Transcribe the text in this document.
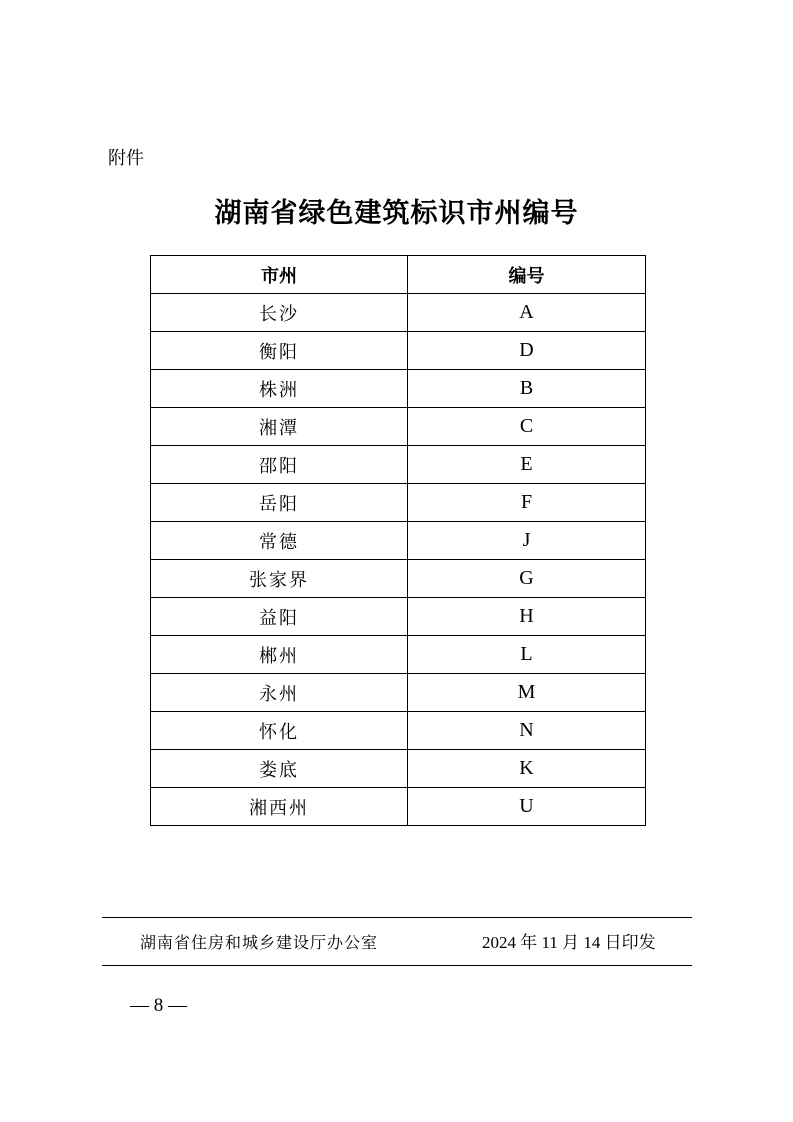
附件
湖南省绿色建筑标识市州编号
市州	编号
长沙	A
衡阳	D
株洲	B
湘潭	C
邵阳	E
岳阳	F
常德	J
张家界	G
益阳	H
郴州	L
永州	M
怀化	N
娄底	K
湘西州	U
湖南省住房和城乡建设厅办公室	2024 年 11 月 14 日印发
— 8 —
